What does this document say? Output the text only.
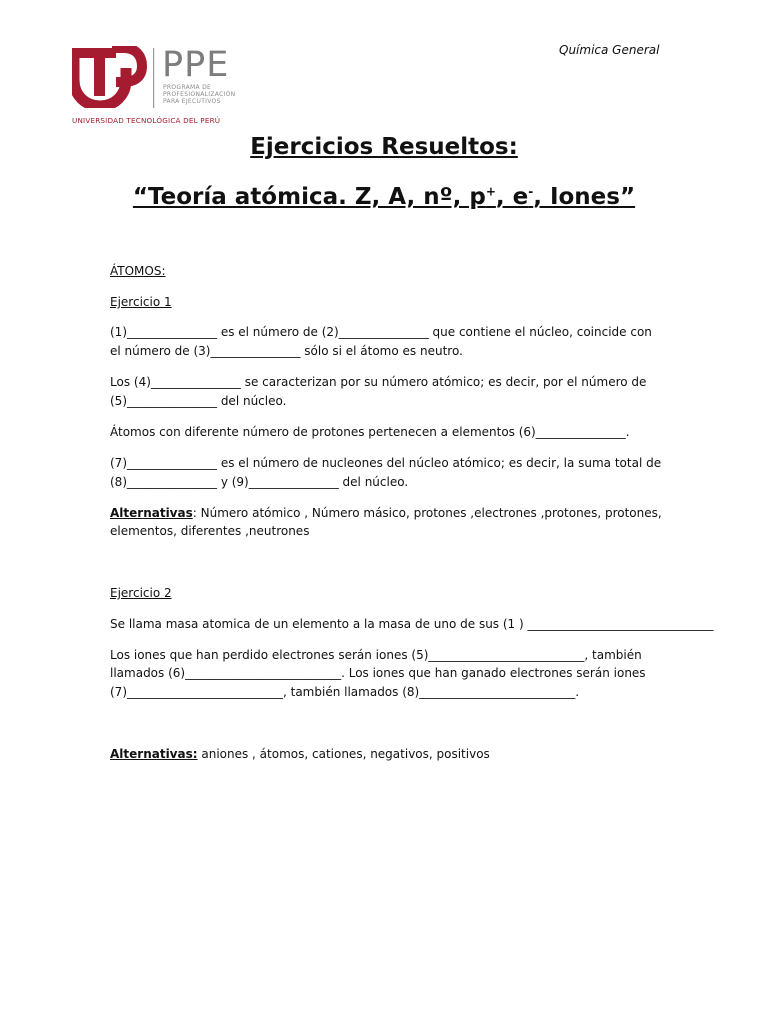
PPE
PROGRAMA DE
PROFESIONALIZACIÓN
PARA EJECUTIVOS
UNIVERSIDAD TECNOLÓGICA DEL PERÚ
Química General
Ejercicios Resueltos:
“Teoría atómica. Z, A, nº, p+, e-, Iones”
ÁTOMOS:
Ejercicio 1
(1)_______________ es el número de (2)_______________ que contiene el núcleo, coincide con
el número de (3)_______________ sólo si el átomo es neutro.
Los (4)_______________ se caracterizan por su número atómico; es decir, por el número de
(5)_______________ del núcleo.
Átomos con diferente número de protones pertenecen a elementos (6)_______________.
(7)_______________ es el número de nucleones del núcleo atómico; es decir, la suma total de
(8)_______________ y (9)_______________ del núcleo.
Alternativas: Número atómico , Número másico, protones ,electrones ,protones, protones,
elementos, diferentes ,neutrones
Ejercicio 2
Se llama masa atomica de un elemento a la masa de uno de sus (1 ) _______________________________
Los iones que han perdido electrones serán iones (5)__________________________, también
llamados (6)__________________________. Los iones que han ganado electrones serán iones
(7)__________________________, también llamados (8)__________________________.
Alternativas: aniones , átomos, cationes, negativos, positivos
